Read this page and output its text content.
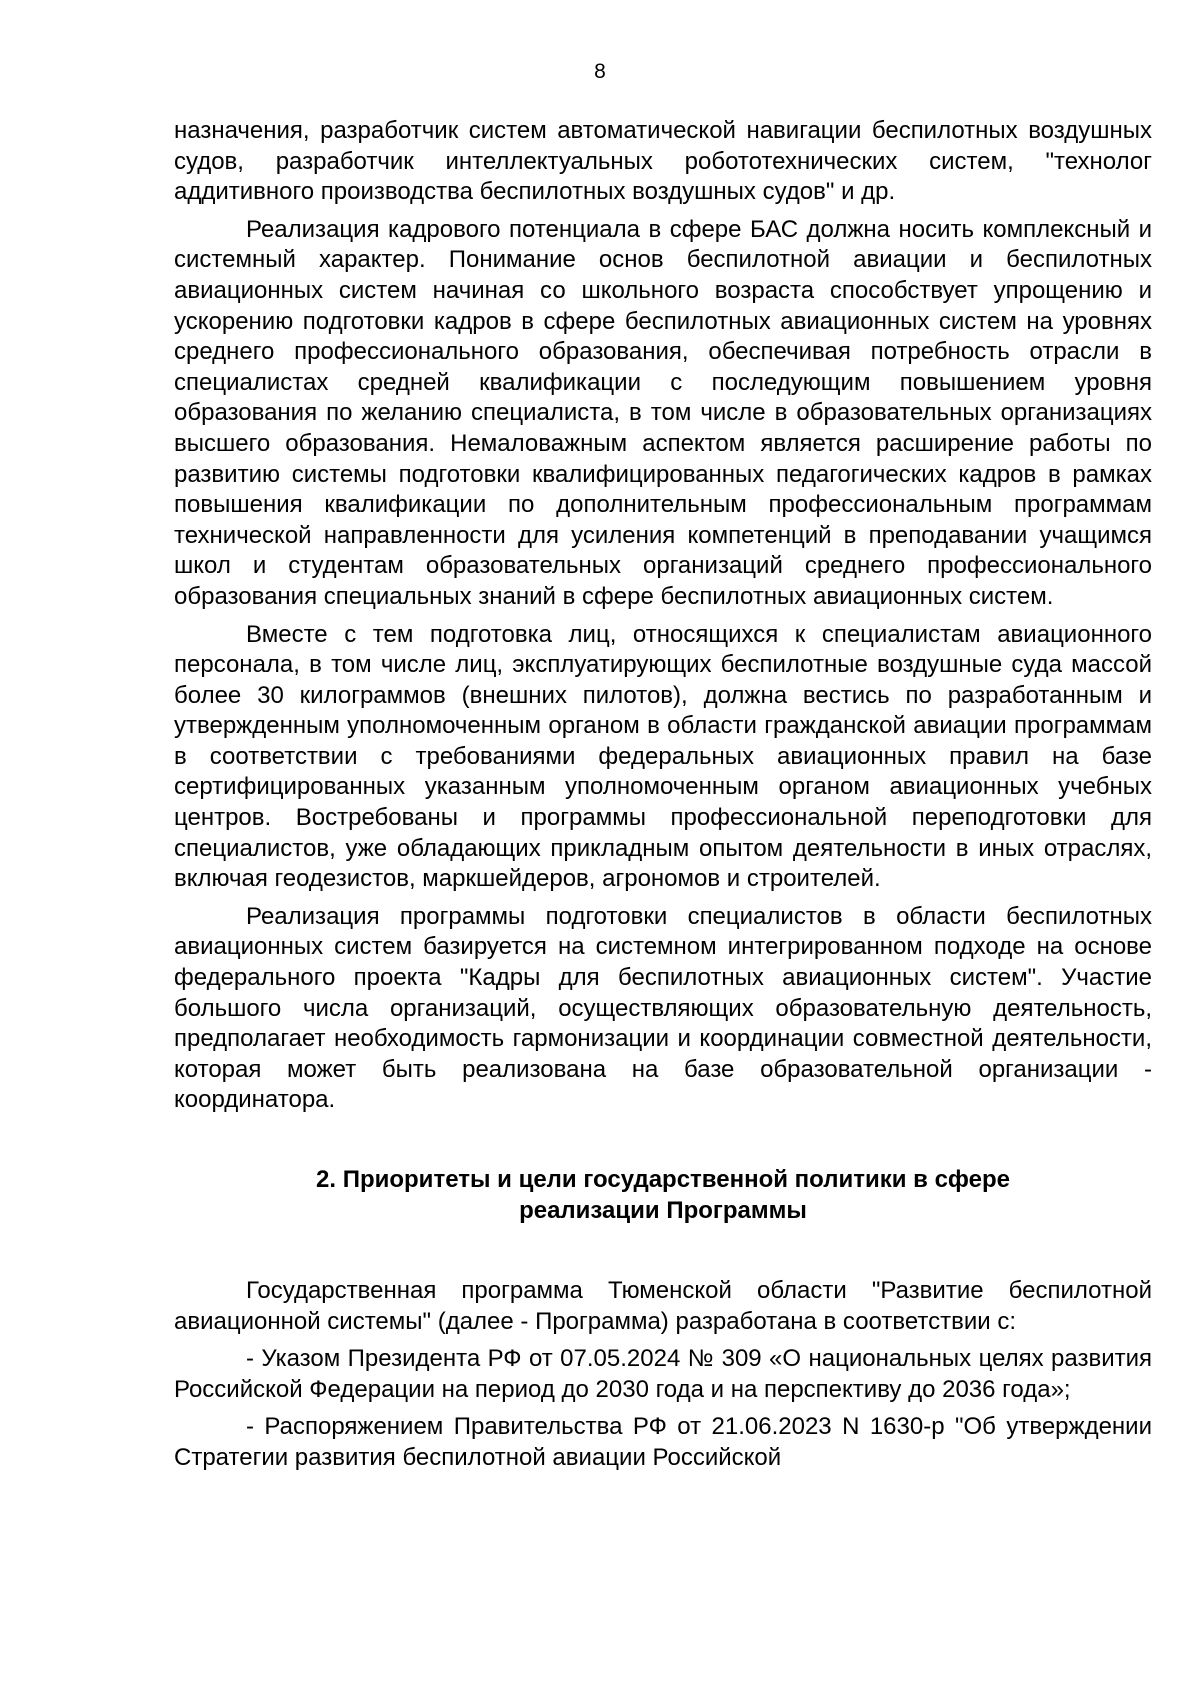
8

назначения, разработчик систем автоматической навигации беспилотных воздушных судов, разработчик интеллектуальных робототехнических систем, "технолог аддитивного производства беспилотных воздушных судов" и др.

Реализация кадрового потенциала в сфере БАС должна носить комплексный и системный характер. Понимание основ беспилотной авиации и беспилотных авиационных систем начиная со школьного возраста способствует упрощению и ускорению подготовки кадров в сфере беспилотных авиационных систем на уровнях среднего профессионального образования, обеспечивая потребность отрасли в специалистах средней квалификации с последующим повышением уровня образования по желанию специалиста, в том числе в образовательных организациях высшего образования. Немаловажным аспектом является расширение работы по развитию системы подготовки квалифицированных педагогических кадров в рамках повышения квалификации по дополнительным профессиональным программам технической направленности для усиления компетенций в преподавании учащимся школ и студентам образовательных организаций среднего профессионального образования специальных знаний в сфере беспилотных авиационных систем.

Вместе с тем подготовка лиц, относящихся к специалистам авиационного персонала, в том числе лиц, эксплуатирующих беспилотные воздушные суда массой более 30 килограммов (внешних пилотов), должна вестись по разработанным и утвержденным уполномоченным органом в области гражданской авиации программам в соответствии с требованиями федеральных авиационных правил на базе сертифицированных указанным уполномоченным органом авиационных учебных центров. Востребованы и программы профессиональной переподготовки для специалистов, уже обладающих прикладным опытом деятельности в иных отраслях, включая геодезистов, маркшейдеров, агрономов и строителей.

Реализация программы подготовки специалистов в области беспилотных авиационных систем базируется на системном интегрированном подходе на основе федерального проекта "Кадры для беспилотных авиационных систем". Участие большого числа организаций, осуществляющих образовательную деятельность, предполагает необходимость гармонизации и координации совместной деятельности, которая может быть реализована на базе образовательной организации - координатора.

2. Приоритеты и цели государственной политики в сфере
реализации Программы

Государственная программа Тюменской области "Развитие беспилотной авиационной системы" (далее - Программа) разработана в соответствии с:

- Указом Президента РФ от 07.05.2024 № 309 «О национальных целях развития Российской Федерации на период до 2030 года и на перспективу до 2036 года»;

- Распоряжением Правительства РФ от 21.06.2023 N 1630-р "Об утверждении Стратегии развития беспилотной авиации Российской
